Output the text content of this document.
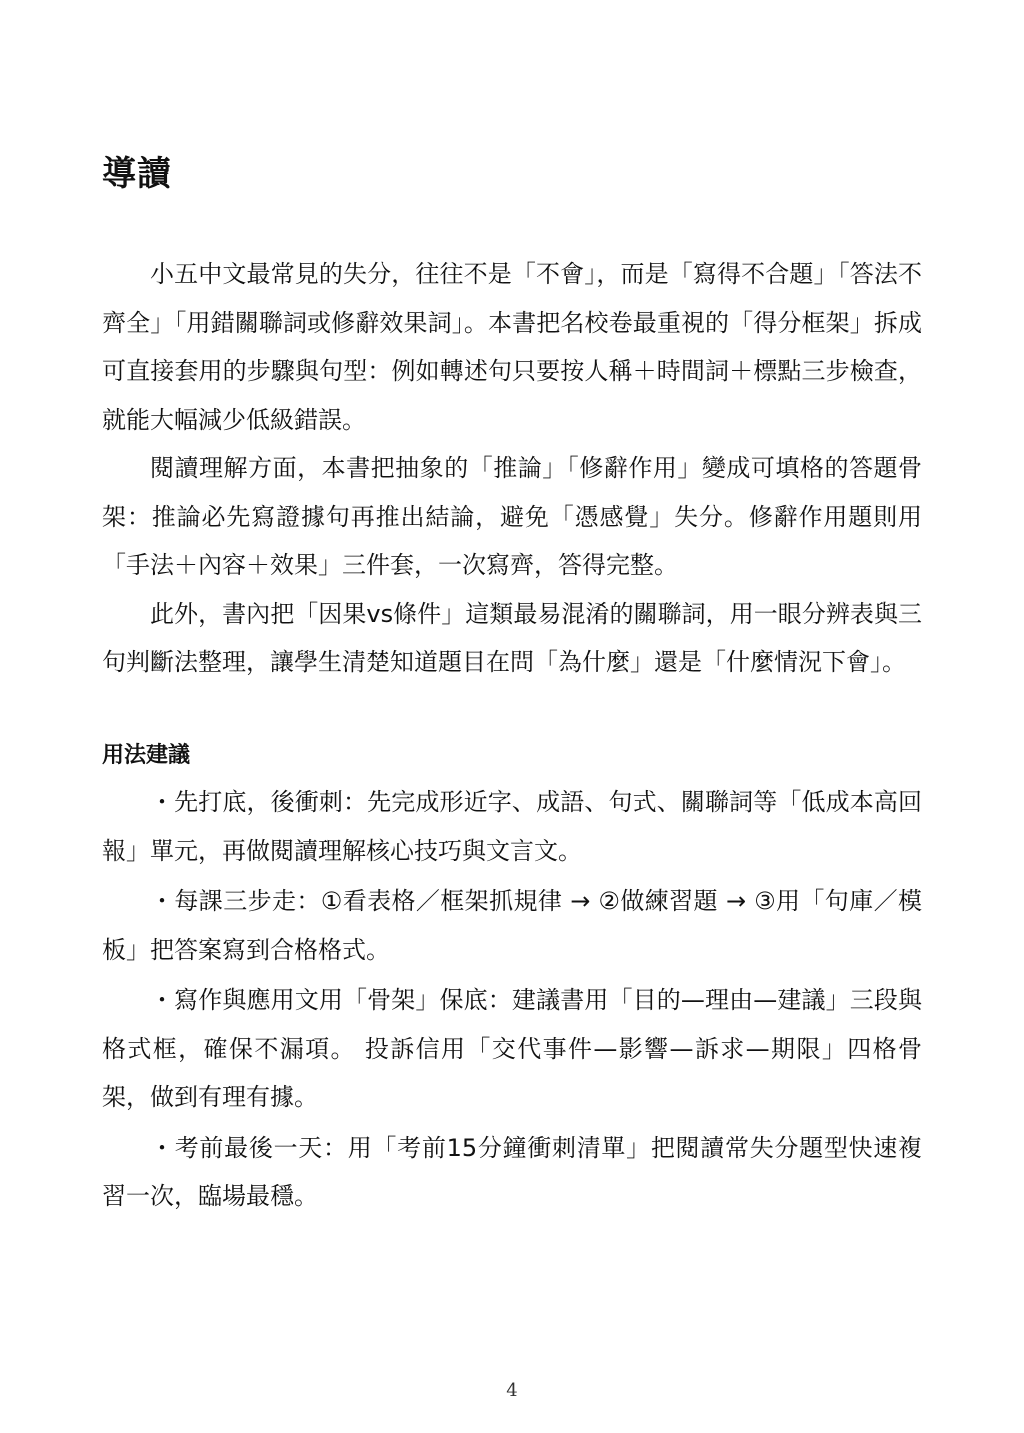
導讀

小五中文最常見的失分，往往不是「不會」，而是「寫得不合題」「答法不齊全」「用錯關聯詞或修辭效果詞」。本書把名校卷最重視的「得分框架」拆成可直接套用的步驟與句型：例如轉述句只要按人稱＋時間詞＋標點三步檢查，就能大幅減少低級錯誤。

閱讀理解方面，本書把抽象的「推論」「修辭作用」變成可填格的答題骨架：推論必先寫證據句再推出結論，避免「憑感覺」失分。修辭作用題則用「手法＋內容＋效果」三件套，一次寫齊，答得完整。

此外，書內把「因果vs條件」這類最易混淆的關聯詞，用一眼分辨表與三句判斷法整理，讓學生清楚知道題目在問「為什麼」還是「什麼情況下會」。

用法建議

・先打底，後衝刺：先完成形近字、成語、句式、關聯詞等「低成本高回報」單元，再做閱讀理解核心技巧與文言文。

・每課三步走：①看表格／框架抓規律 → ②做練習題 → ③用「句庫／模板」把答案寫到合格格式。

・寫作與應用文用「骨架」保底：建議書用「目的—理由—建議」三段與格式框，確保不漏項。 投訴信用「交代事件—影響—訴求—期限」四格骨架，做到有理有據。

・考前最後一天：用「考前15分鐘衝刺清單」把閱讀常失分題型快速複習一次，臨場最穩。

4
